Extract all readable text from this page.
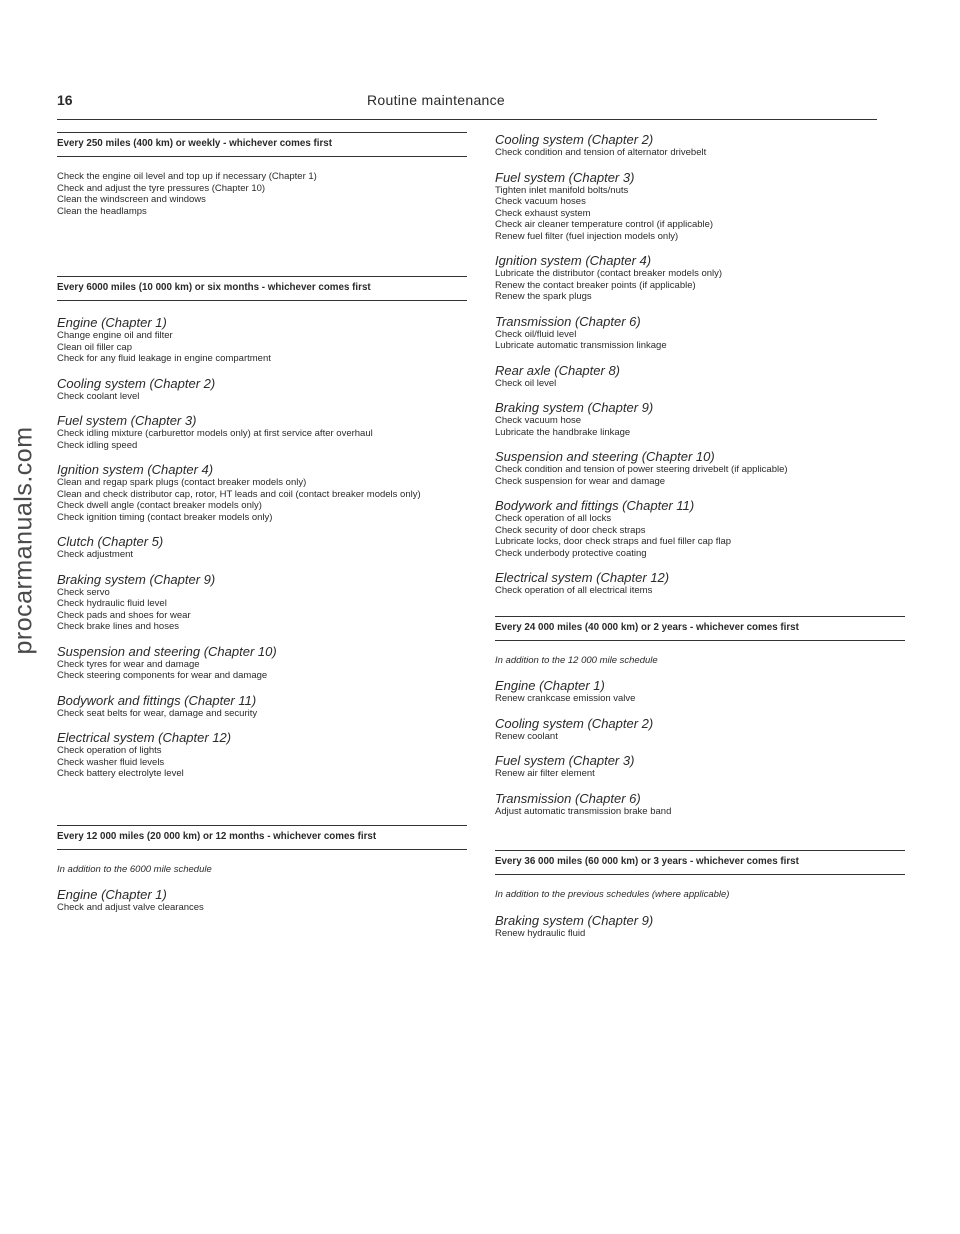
procarmanuals.com
16	Routine maintenance
Every 250 miles (400 km) or weekly - whichever comes first
Check the engine oil level and top up if necessary (Chapter 1)
Check and adjust the tyre pressures (Chapter 10)
Clean the windscreen and windows
Clean the headlamps
Every 6000 miles (10 000 km) or six months - whichever comes first
Engine (Chapter 1)
Change engine oil and filter
Clean oil filler cap
Check for any fluid leakage in engine compartment
Cooling system (Chapter 2)
Check coolant level
Fuel system (Chapter 3)
Check idling mixture (carburettor models only) at first service after overhaul
Check idling speed
Ignition system (Chapter 4)
Clean and regap spark plugs (contact breaker models only)
Clean and check distributor cap, rotor, HT leads and coil (contact breaker models only)
Check dwell angle (contact breaker models only)
Check ignition timing (contact breaker models only)
Clutch (Chapter 5)
Check adjustment
Braking system (Chapter 9)
Check servo
Check hydraulic fluid level
Check pads and shoes for wear
Check brake lines and hoses
Suspension and steering (Chapter 10)
Check tyres for wear and damage
Check steering components for wear and damage
Bodywork and fittings (Chapter 11)
Check seat belts for wear, damage and security
Electrical system (Chapter 12)
Check operation of lights
Check washer fluid levels
Check battery electrolyte level
Every 12 000 miles (20 000 km) or 12 months - whichever comes first
In addition to the 6000 mile schedule
Engine (Chapter 1)
Check and adjust valve clearances
Cooling system (Chapter 2)
Check condition and tension of alternator drivebelt
Fuel system (Chapter 3)
Tighten inlet manifold bolts/nuts
Check vacuum hoses
Check exhaust system
Check air cleaner temperature control (if applicable)
Renew fuel filter (fuel injection models only)
Ignition system (Chapter 4)
Lubricate the distributor (contact breaker models only)
Renew the contact breaker points (if applicable)
Renew the spark plugs
Transmission (Chapter 6)
Check oil/fluid level
Lubricate automatic transmission linkage
Rear axle (Chapter 8)
Check oil level
Braking system (Chapter 9)
Check vacuum hose
Lubricate the handbrake linkage
Suspension and steering (Chapter 10)
Check condition and tension of power steering drivebelt (if applicable)
Check suspension for wear and damage
Bodywork and fittings (Chapter 11)
Check operation of all locks
Check security of door check straps
Lubricate locks, door check straps and fuel filler cap flap
Check underbody protective coating
Electrical system (Chapter 12)
Check operation of all electrical items
Every 24 000 miles (40 000 km) or 2 years - whichever comes first
In addition to the 12 000 mile schedule
Engine (Chapter 1)
Renew crankcase emission valve
Cooling system (Chapter 2)
Renew coolant
Fuel system (Chapter 3)
Renew air filter element
Transmission (Chapter 6)
Adjust automatic transmission brake band
Every 36 000 miles (60 000 km) or 3 years - whichever comes first
In addition to the previous schedules (where applicable)
Braking system (Chapter 9)
Renew hydraulic fluid
